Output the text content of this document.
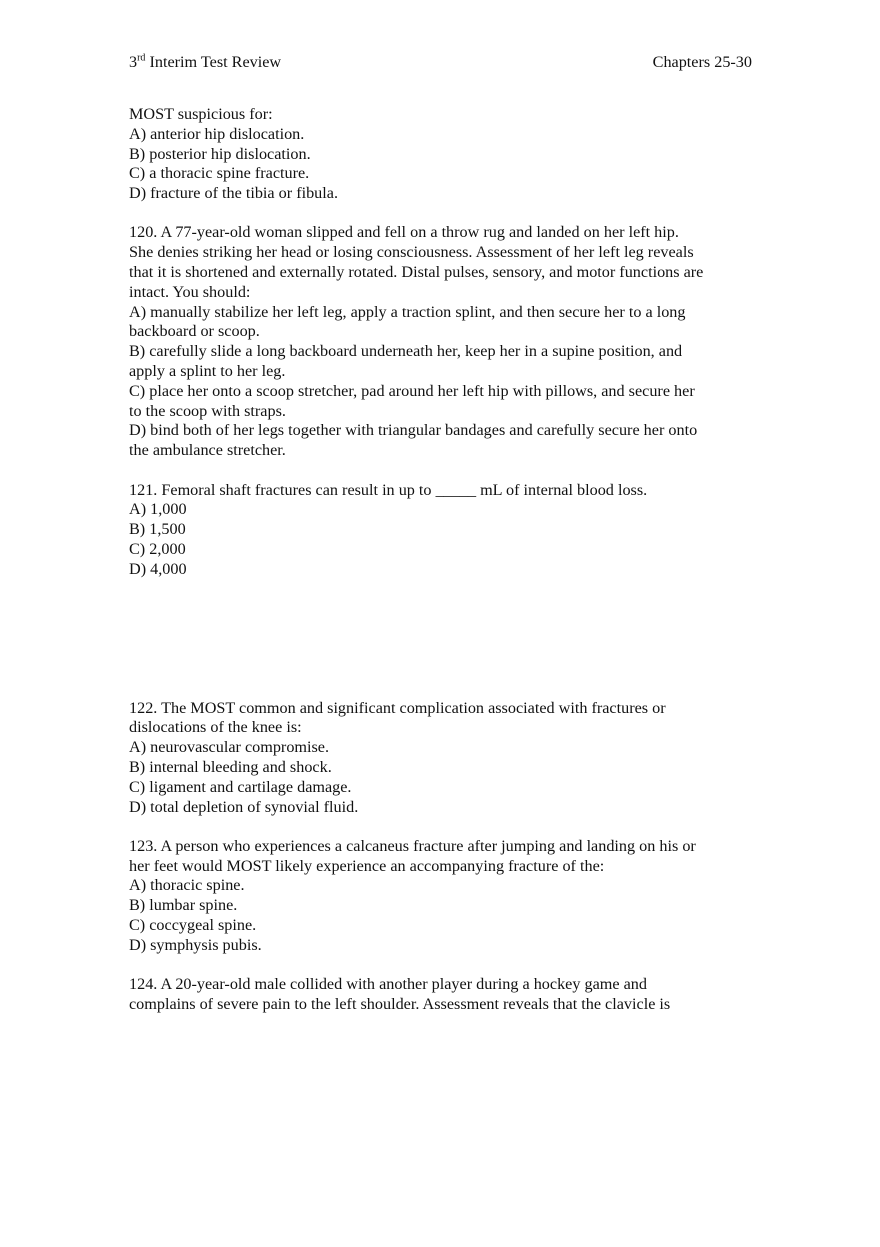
3rd Interim Test Review	Chapters 25-30
MOST suspicious for:
A) anterior hip dislocation.
B) posterior hip dislocation.
C) a thoracic spine fracture.
D) fracture of the tibia or fibula.
120. A 77-year-old woman slipped and fell on a throw rug and landed on her left hip.
She denies striking her head or losing consciousness. Assessment of her left leg reveals
that it is shortened and externally rotated. Distal pulses, sensory, and motor functions are
intact. You should:
A) manually stabilize her left leg, apply a traction splint, and then secure her to a long
backboard or scoop.
B) carefully slide a long backboard underneath her, keep her in a supine position, and
apply a splint to her leg.
C) place her onto a scoop stretcher, pad around her left hip with pillows, and secure her
to the scoop with straps.
D) bind both of her legs together with triangular bandages and carefully secure her onto
the ambulance stretcher.
121. Femoral shaft fractures can result in up to _____ mL of internal blood loss.
A) 1,000
B) 1,500
C) 2,000
D) 4,000
122. The MOST common and significant complication associated with fractures or
dislocations of the knee is:
A) neurovascular compromise.
B) internal bleeding and shock.
C) ligament and cartilage damage.
D) total depletion of synovial fluid.
123. A person who experiences a calcaneus fracture after jumping and landing on his or
her feet would MOST likely experience an accompanying fracture of the:
A) thoracic spine.
B) lumbar spine.
C) coccygeal spine.
D) symphysis pubis.
124. A 20-year-old male collided with another player during a hockey game and
complains of severe pain to the left shoulder. Assessment reveals that the clavicle is
